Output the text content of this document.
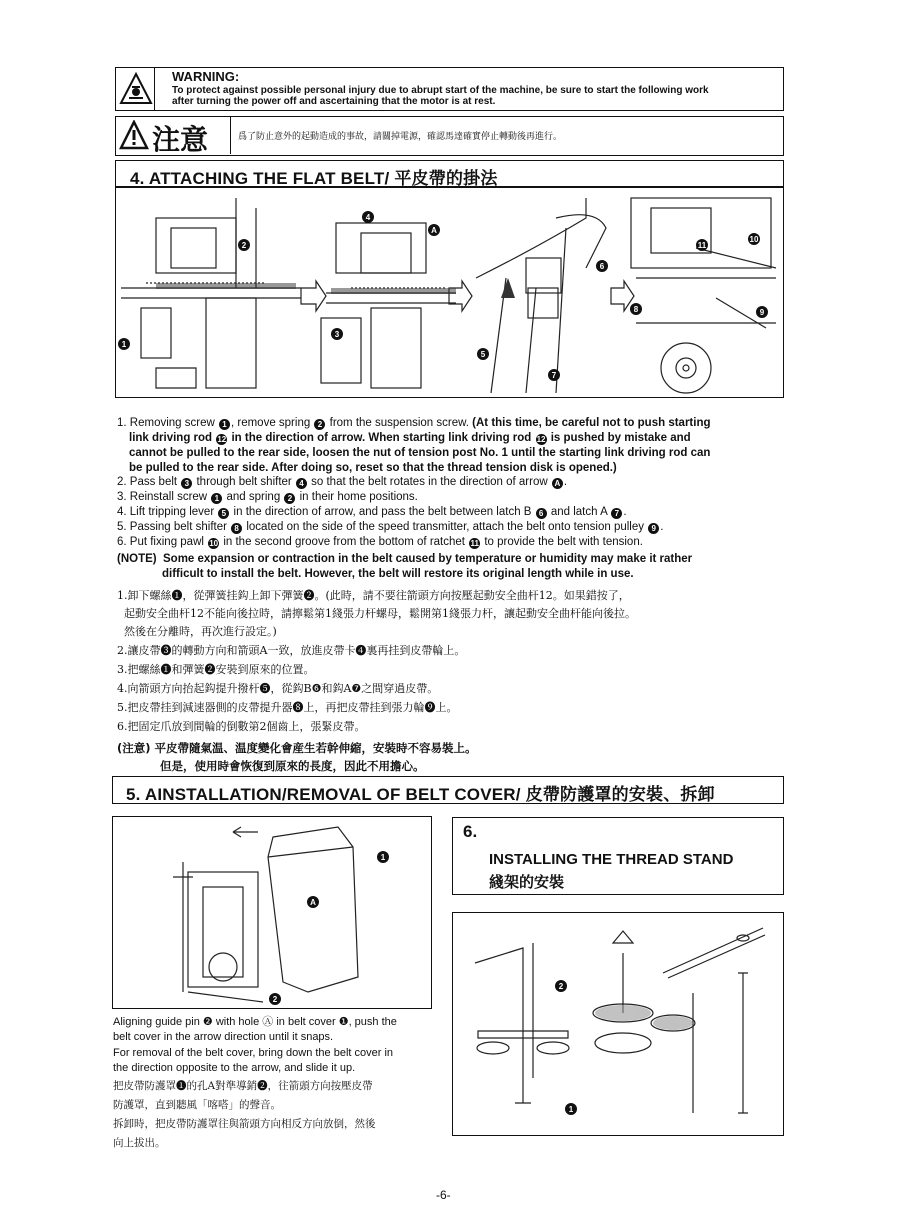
WARNING:
To protect against possible personal injury due to abrupt start of the machine, be sure to start the following work
after turning the power off and ascertaining that the motor is at rest.
注意	爲了防止意外的起動造成的事故，請關掉電源，確認馬達確實停止轉動後再進行。
4. ATTACHING THE FLAT BELT/ 平皮帶的掛法
2
1
4
A
3
6
5
7
10
11
8	9
1. Removing screw 1 , remove spring 2 from the suspension screw. (At this time, be careful not to push starting
link driving rod 12 in the direction of arrow. When starting link driving rod 12 is pushed by mistake and
cannot be pulled to the rear side, loosen the nut of tension post No. 1 until the starting link driving rod can
be pulled to the rear side. After doing so, reset so that the thread tension disk is opened.)
2. Pass belt 3 through belt shifter 4 so that the belt rotates in the direction of arrow A .
3. Reinstall screw 1 and spring 2 in their home positions.
4. Lift tripping lever 5 in the direction of arrow, and pass the belt between latch B 6 and latch A 7 .
5. Passing belt shifter 8 located on the side of the speed transmitter, attach the belt onto tension pulley 9 .
6. Put fixing pawl 10 in the second groove from the bottom of ratchet 11 to provide the belt with tension.
(NOTE) Some expansion or contraction in the belt caused by temperature or humidity may make it rather
difficult to install the belt. However, the belt will restore its original length while in use.
1.卸下螺絲❶，從彈簧挂鈎上卸下彈簧❷。(此時，請不要往箭頭方向按壓起動安全曲杆12。如果錯按了，
起動安全曲杆12不能向後拉時，請擰鬆第1綫張力杆螺母，鬆開第1綫張力杆，讓起動安全曲杆能向後拉。
然後在分離時，再次進行設定。)
2.讓皮帶❸的轉動方向和箭頭A一致，放進皮帶卡❹裏再挂到皮帶輪上。
3.把螺絲❶和彈簧❷安裝到原來的位置。
4.向箭頭方向抬起鈎提升撥杆❺，從鈎B❻和鈎A❼之間穿過皮帶。
5.把皮帶挂到減速器側的皮帶提升器❽上，再把皮帶挂到張力輪❾上。
6.把固定爪放到間輪的倒數第2個齒上，張緊皮帶。
(注意) 平皮帶隨氣温、温度變化會産生若幹伸縮，安裝時不容易裝上。
但是，使用時會恢復到原來的長度，因此不用擔心。
5. AINSTALLATION/REMOVAL OF BELT COVER/ 皮帶防護罩的安裝、拆卸
1
A
2
Aligning guide pin ❷ with hole Ⓐ in belt cover ❶, push the
belt cover in the arrow direction until it snaps.
For removal of the belt cover, bring down the belt cover in
the direction opposite to the arrow, and slide it up.
把皮帶防護罩❶的孔A對準導銷❷，往箭頭方向按壓皮帶
防護罩，直到聽風「喀嗒」的聲音。
拆卸時，把皮帶防護罩往與箭頭方向相反方向放倒，然後
向上拔出。
6.
INSTALLING THE THREAD STAND
綫架的安裝
2
1
-6-
